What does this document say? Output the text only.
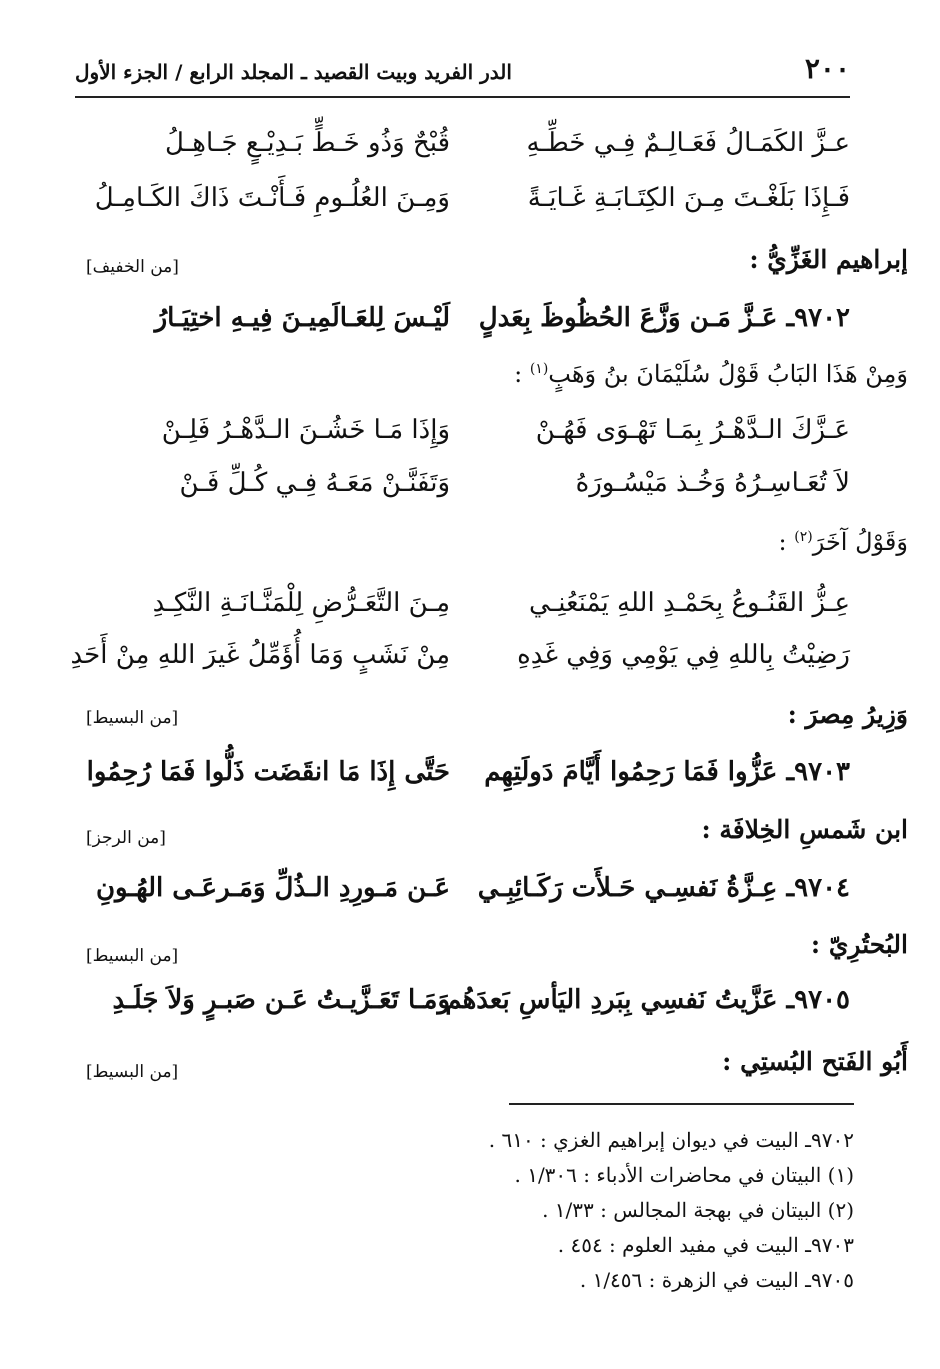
٢٠٠
الدر الفريد وبيت القصيد ـ المجلد الرابع / الجزء الأول
عـزَّ الكَمَـالُ فَعَـالِـمٌ فِـي خَطِّـهِ
قُبْحٌ وَذُو خَـطٍّ بَـدِيْـعٍ جَـاهِـلُ
فَـإِذَا بَلَغْـتَ مِـنَ الكِتَـابَـةِ غَـايَـةً
وَمِـنَ العُلُـومِ فَـأَنْـتَ ذَاكَ الكَـامِـلُ
إبراهيم الغَزِّيُّ :
[من الخفيف]
٩٧٠٢ـ عَـزَّ مَـن وَزَّعَ الحُظُوظَ بِعَدلٍ
لَيْـسَ لِلعَـالَمِيـنَ فِيـهِ اختِيَـارُ
وَمِنْ هَذَا البَابُ قَوْلُ سُلَيْمَانَ بنُ وَهَبٍ$^{(١)}$ :
عَـزَّكَ الـدَّهْـرُ بِمَـا تَهْـوَى فَهُـنْ
وَإِذَا مَـا خَشُـنَ الـدَّهْـرُ فَلِـنْ
لاَ تُعَـاسِـرُهُ وَخُـذ مَيْسُـورَهُ
وَتَفَنَّـنْ مَعَـهُ فِـي كُـلِّ فَـنْ
وَقَوْلُ آخَرَ$^{(٢)}$ :
عِـزُّ القَنُـوعُ بِحَمْـدِ اللهِ يَمْنَعُنِـي
مِـنَ التَّعَـرُّضِ لِلْمَنَّـانَـةِ النَّكِـدِ
رَضِيْتُ بِاللهِ فِي يَوْمِي وَفِي غَدِهِ
مِنْ نَشَبٍ وَمَا أُؤَمِّلُ غَيرَ اللهِ مِنْ أَحَدِ
وَزِيرُ مِصرَ :
[من البسيط]
٩٧٠٣ـ عَزُّوا فَمَا رَحِمُوا أَيَّامَ دَولَتِهِم
حَتَّى إِذَا مَا انقَضَت ذَلُّوا فَمَا رُحِمُوا
ابن شَمسِ الخِلافَة :
[من الرجز]
٩٧٠٤ـ عِـزَّةُ نَفسِـي حَـلأَت رَكَـائِبِـي
عَـن مَـورِدِ الـذُلِّ وَمَـرعَـى الهُـونِ
البُحتُرِيّ :
[من البسيط]
٩٧٠٥ـ عَزَّيتُ نَفسِي بِبَردِ اليَأسِ بَعدَهُم
وَمَـا تَعَـزَّيـتُ عَـن صَبـرٍ وَلاَ جَلَـدِ
أَبُو الفَتح البُستِي :
[من البسيط]
٩٧٠٢ـ البيت في ديوان إبراهيم الغزي : ٦١٠ .
(١) البيتان في محاضرات الأدباء : ١/٣٠٦ .
(٢) البيتان في بهجة المجالس : ١/٣٣ .
٩٧٠٣ـ البيت في مفيد العلوم : ٤٥٤ .
٩٧٠٥ـ البيت في الزهرة : ١/٤٥٦ .
